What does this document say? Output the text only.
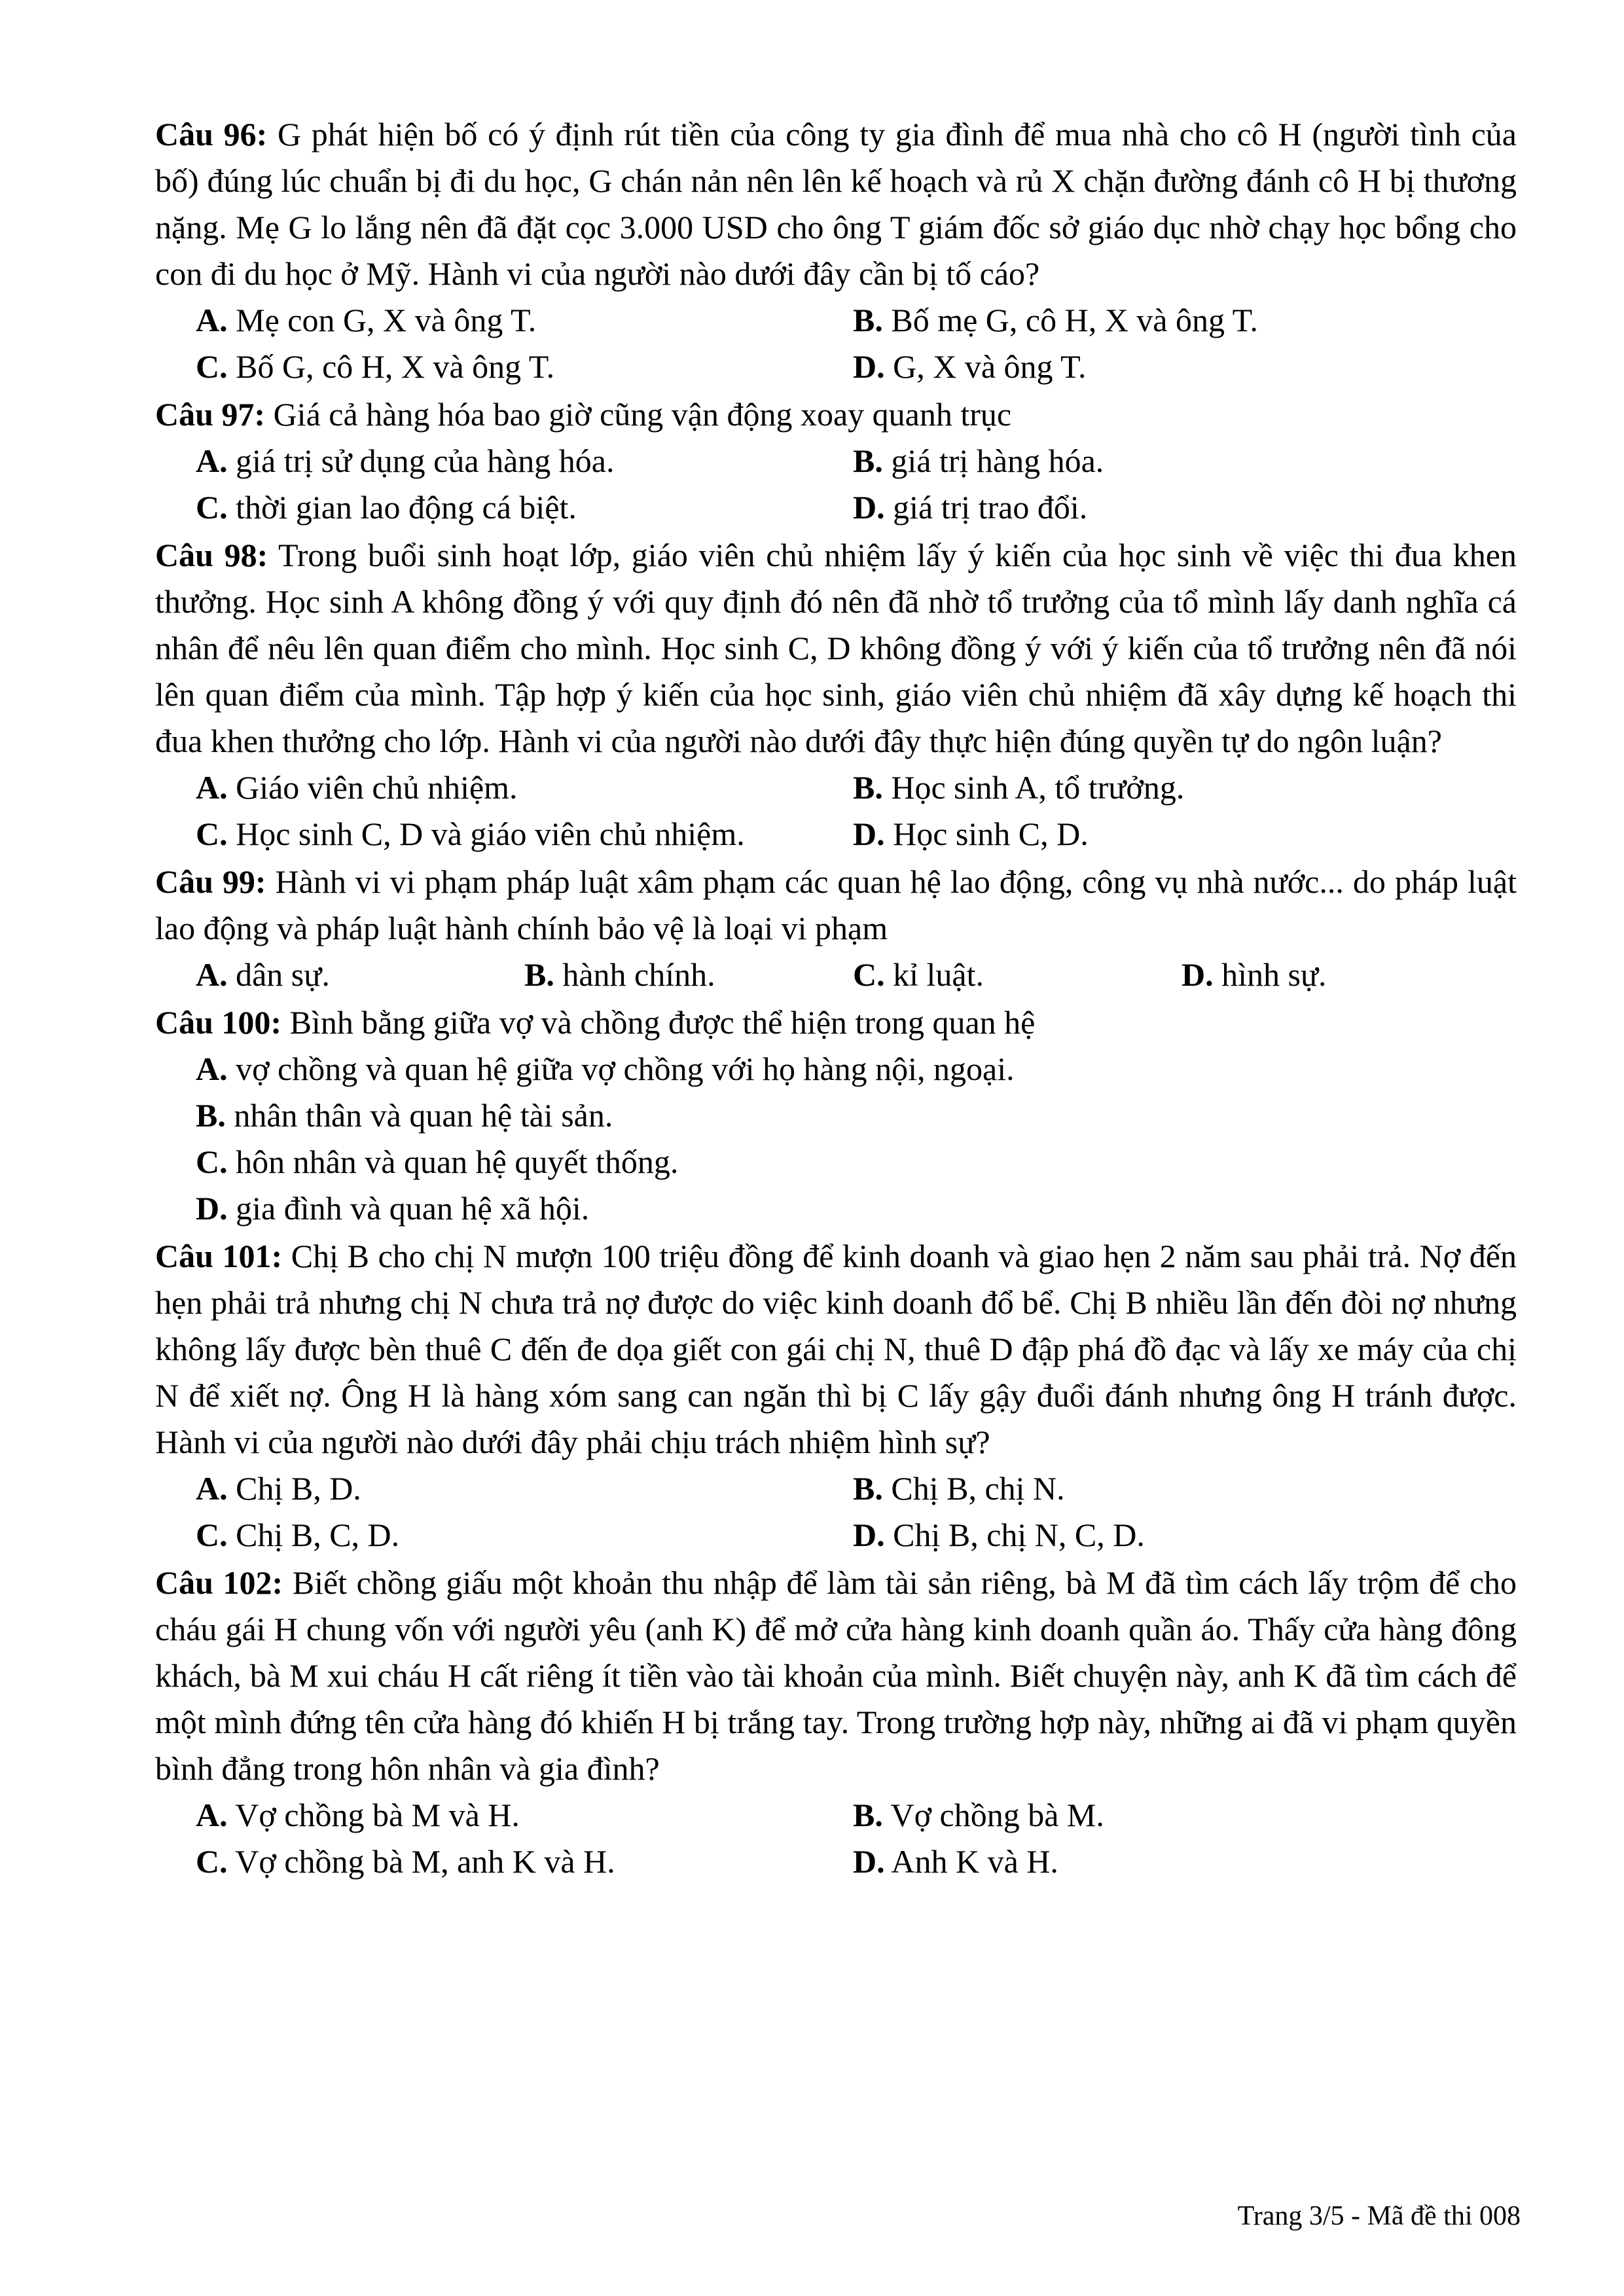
Câu 96: G phát hiện bố có ý định rút tiền của công ty gia đình để mua nhà cho cô H (người tình của bố) đúng lúc chuẩn bị đi du học, G chán nản nên lên kế hoạch và rủ X chặn đường đánh cô H bị thương nặng. Mẹ G lo lắng nên đã đặt cọc 3.000 USD cho ông T giám đốc sở giáo dục nhờ chạy học bổng cho con đi du học ở Mỹ. Hành vi của người nào dưới đây cần bị tố cáo?
A. Mẹ con G, X và ông T.	B. Bố mẹ G, cô H, X và ông T.
C. Bố G, cô H, X và ông T.	D. G, X và ông T.
Câu 97: Giá cả hàng hóa bao giờ cũng vận động xoay quanh trục
A. giá trị sử dụng của hàng hóa.	B. giá trị hàng hóa.
C. thời gian lao động cá biệt.	D. giá trị trao đổi.
Câu 98: Trong buổi sinh hoạt lớp, giáo viên chủ nhiệm lấy ý kiến của học sinh về việc thi đua khen thưởng. Học sinh A không đồng ý với quy định đó nên đã nhờ tổ trưởng của tổ mình lấy danh nghĩa cá nhân để nêu lên quan điểm cho mình. Học sinh C, D không đồng ý với ý kiến của tổ trưởng nên đã nói lên quan điểm của mình. Tập hợp ý kiến của học sinh, giáo viên chủ nhiệm đã xây dựng kế hoạch thi đua khen thưởng cho lớp. Hành vi của người nào dưới đây thực hiện đúng quyền tự do ngôn luận?
A. Giáo viên chủ nhiệm.	B. Học sinh A, tổ trưởng.
C. Học sinh C, D và giáo viên chủ nhiệm.	D. Học sinh C, D.
Câu 99: Hành vi vi phạm pháp luật xâm phạm các quan hệ lao động, công vụ nhà nước... do pháp luật lao động và pháp luật hành chính bảo vệ là loại vi phạm
A. dân sự.	B. hành chính.	C. kỉ luật.	D. hình sự.
Câu 100: Bình bằng giữa vợ và chồng được thể hiện trong quan hệ
A. vợ chồng và quan hệ giữa vợ chồng với họ hàng nội, ngoại.
B. nhân thân và quan hệ tài sản.
C. hôn nhân và quan hệ quyết thống.
D. gia đình và quan hệ xã hội.
Câu 101: Chị B cho chị N mượn 100 triệu đồng để kinh doanh và giao hẹn 2 năm sau phải trả. Nợ đến hẹn phải trả nhưng chị N chưa trả nợ được do việc kinh doanh đổ bể. Chị B nhiều lần đến đòi nợ nhưng không lấy được bèn thuê C đến đe dọa giết con gái chị N, thuê D đập phá đồ đạc và lấy xe máy của chị N để xiết nợ. Ông H là hàng xóm sang can ngăn thì bị C lấy gậy đuổi đánh nhưng ông H tránh được. Hành vi của người nào dưới đây phải chịu trách nhiệm hình sự?
A. Chị B, D.	B. Chị B, chị N.
C. Chị B, C, D.	D. Chị B, chị N, C, D.
Câu 102: Biết chồng giấu một khoản thu nhập để làm tài sản riêng, bà M đã tìm cách lấy trộm để cho cháu gái H chung vốn với người yêu (anh K) để mở cửa hàng kinh doanh quần áo. Thấy cửa hàng đông khách, bà M xui cháu H cất riêng ít tiền vào tài khoản của mình. Biết chuyện này, anh K đã tìm cách để một mình đứng tên cửa hàng đó khiến H bị trắng tay. Trong trường hợp này, những ai đã vi phạm quyền bình đẳng trong hôn nhân và gia đình?
A. Vợ chồng bà M và H.	B. Vợ chồng bà M.
C. Vợ chồng bà M, anh K và H.	D. Anh K và H.
Trang 3/5 - Mã đề thi 008
